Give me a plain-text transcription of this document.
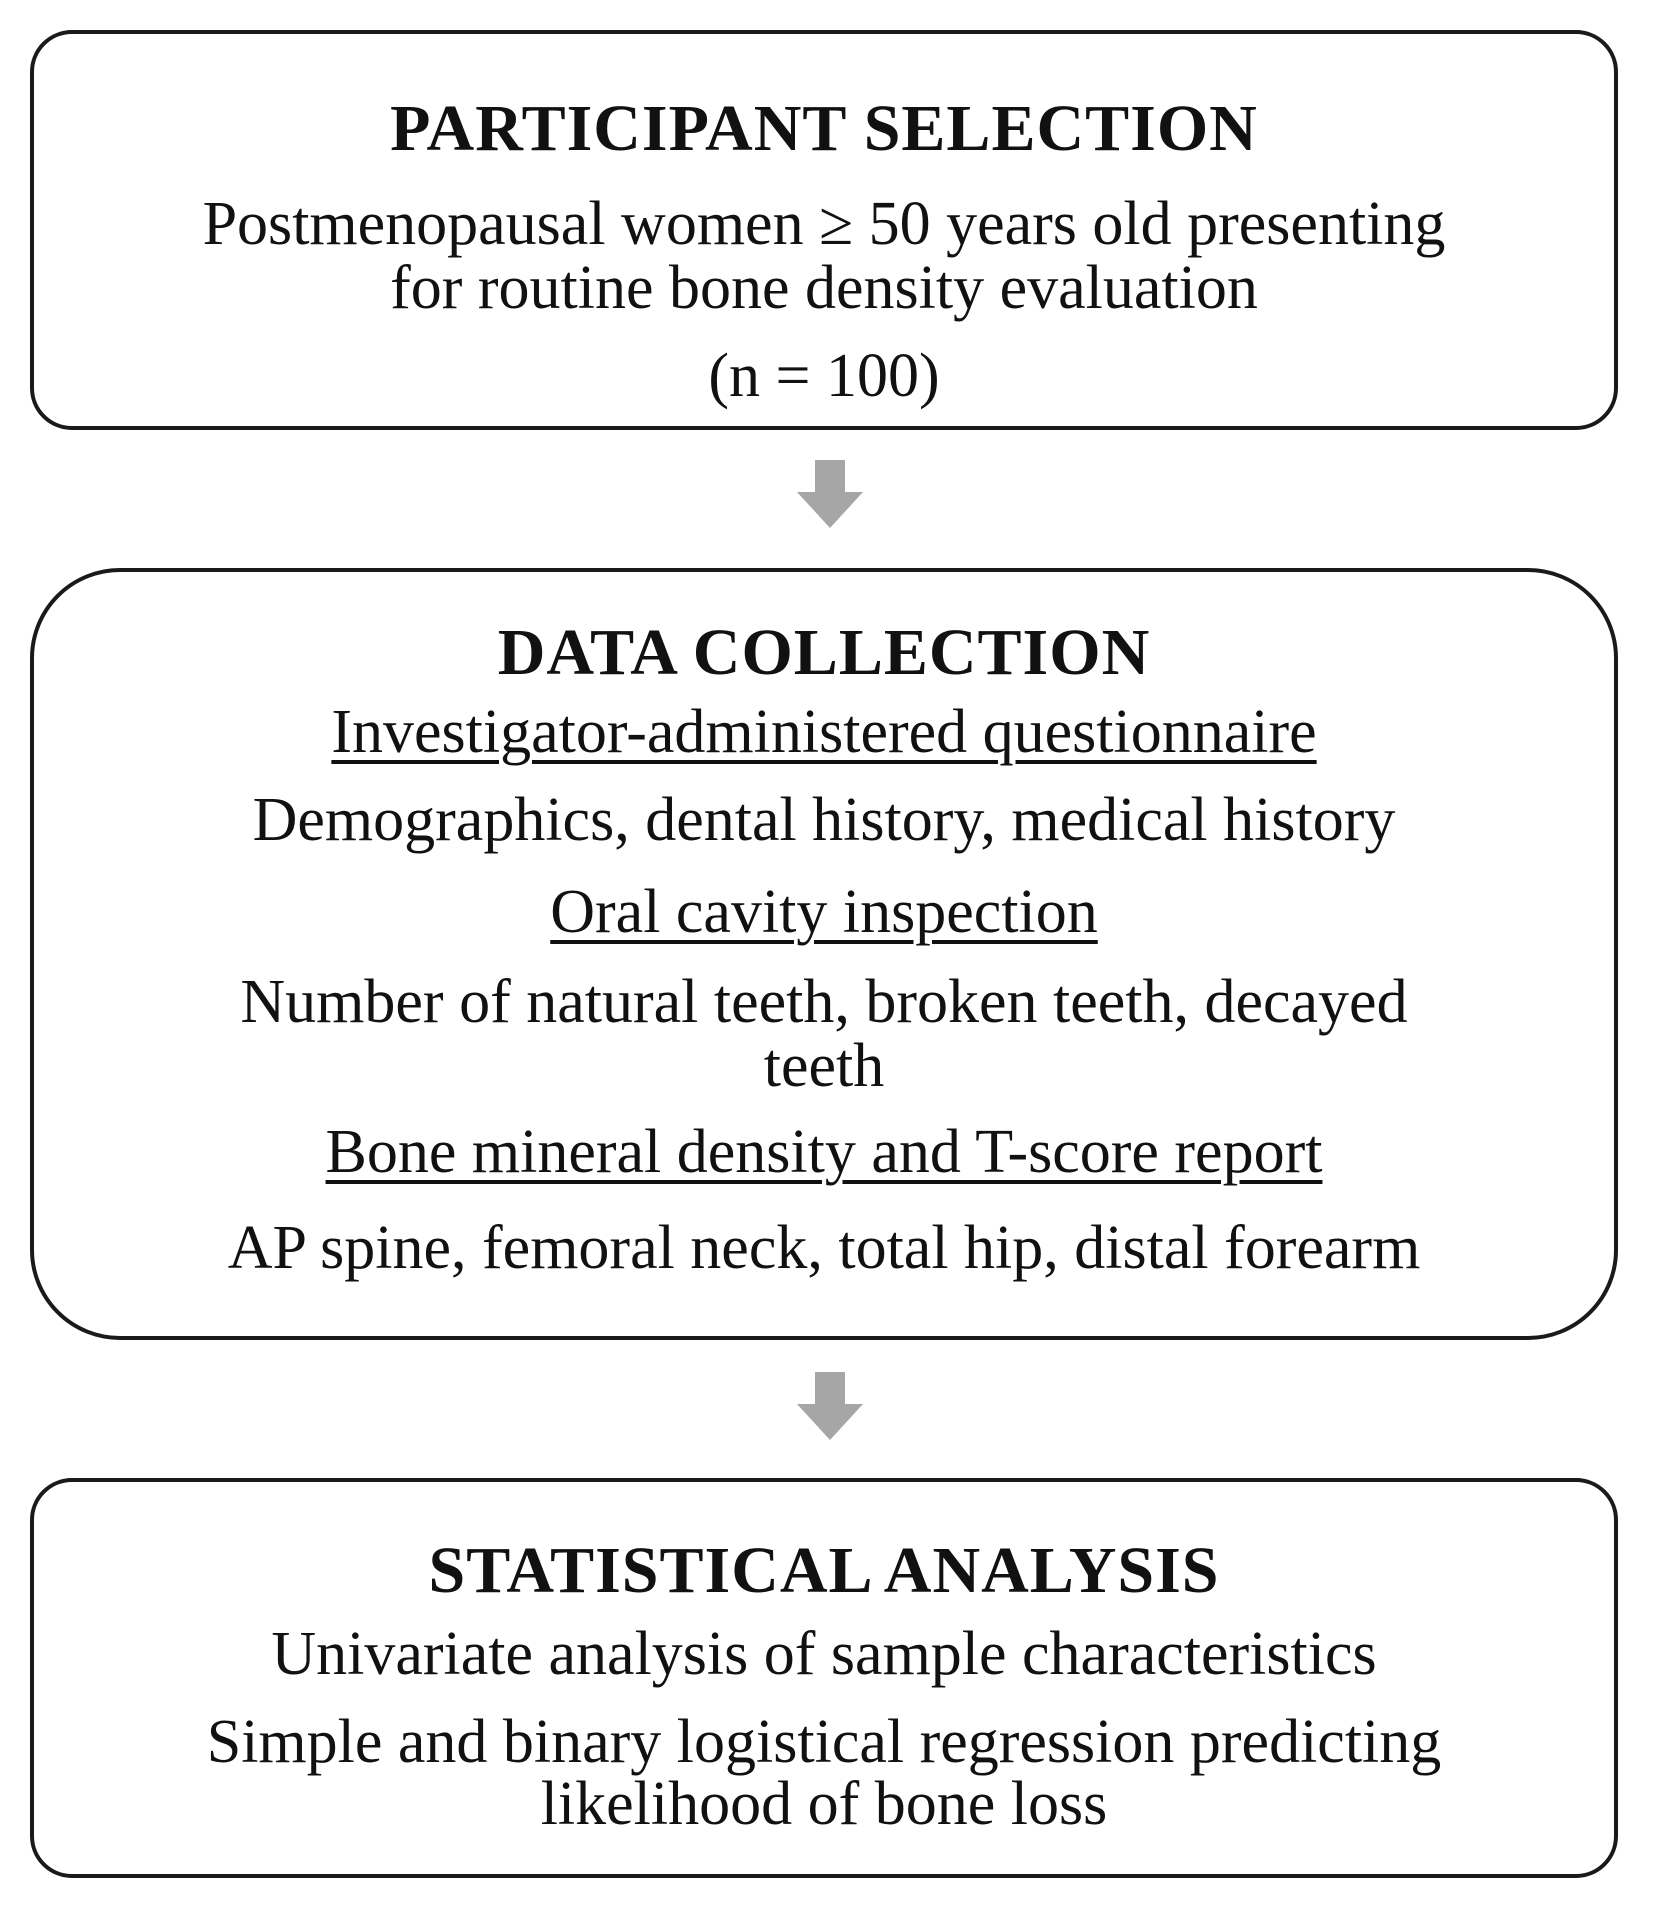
PARTICIPANT SELECTION
Postmenopausal women ≥ 50 years old presenting
for routine bone density evaluation
(n = 100)
DATA COLLECTION
Investigator-administered questionnaire
Demographics, dental history, medical history
Oral cavity inspection
Number of natural teeth, broken teeth, decayed
teeth
Bone mineral density and T-score report
AP spine, femoral neck, total hip, distal forearm
STATISTICAL ANALYSIS
Univariate analysis of sample characteristics
Simple and binary logistical regression predicting
likelihood of bone loss
